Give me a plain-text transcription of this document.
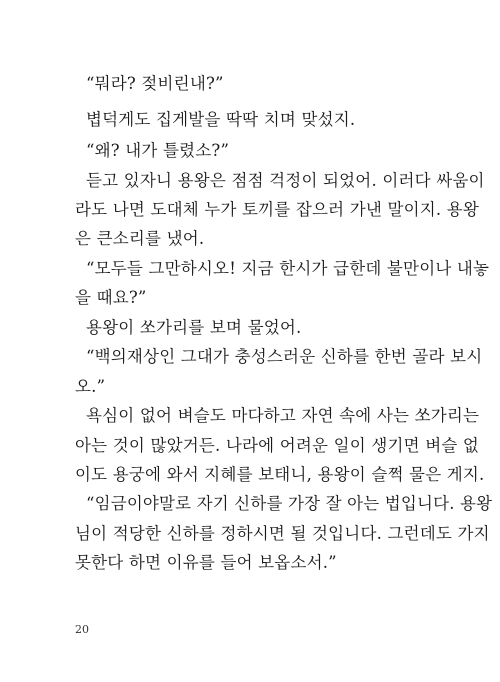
“뭐라? 젖비린내?”
볍덕게도 집게발을 딱딱 치며 맞섰지.
“왜? 내가 틀렸소?”
듣고 있자니 용왕은 점점 걱정이 되었어. 이러다 싸움이
라도 나면 도대체 누가 토끼를 잡으러 가낸 말이지. 용왕
은 큰소리를 냈어.
“모두들 그만하시오! 지금 한시가 급한데 불만이나 내놓
을 때요?”
용왕이 쏘가리를 보며 물었어.
“백의재상인 그대가 충성스러운 신하를 한번 골라 보시
오.”
욕심이 없어 벼슬도 마다하고 자연 속에 사는 쏘가리는
아는 것이 많았거든. 나라에 어려운 일이 생기면 벼슬 없
이도 용궁에 와서 지혜를 보태니, 용왕이 슬쩍 물은 게지.
“임금이야말로 자기 신하를 가장 잘 아는 법입니다. 용왕
님이 적당한 신하를 정하시면 될 것입니다. 그런데도 가지
못한다 하면 이유를 들어 보옵소서.”
20
